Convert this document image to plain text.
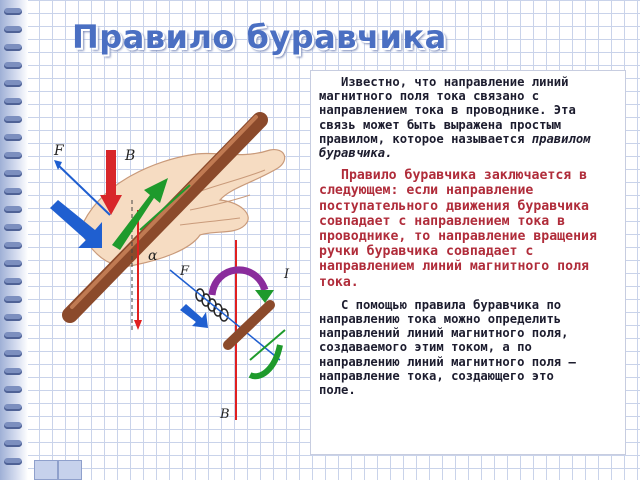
Правило буравчика
B
F
α
F
B
I

Известно, что направление линий магнитного поля тока связано с направлением тока в проводнике. Эта связь может быть выражена простым правилом, которое называется правилом буравчика.

Правило буравчика заключается в следующем: если направление поступательного движения буравчика совпадает с направлением тока в проводнике, то направление вращения ручки буравчика совпадает с направлением линий магнитного поля тока.

С помощью правила буравчика по направлению тока можно определить направлений линий магнитного поля, создаваемого этим током, а по направлению линий магнитного поля – направление тока, создающего это
поле.
